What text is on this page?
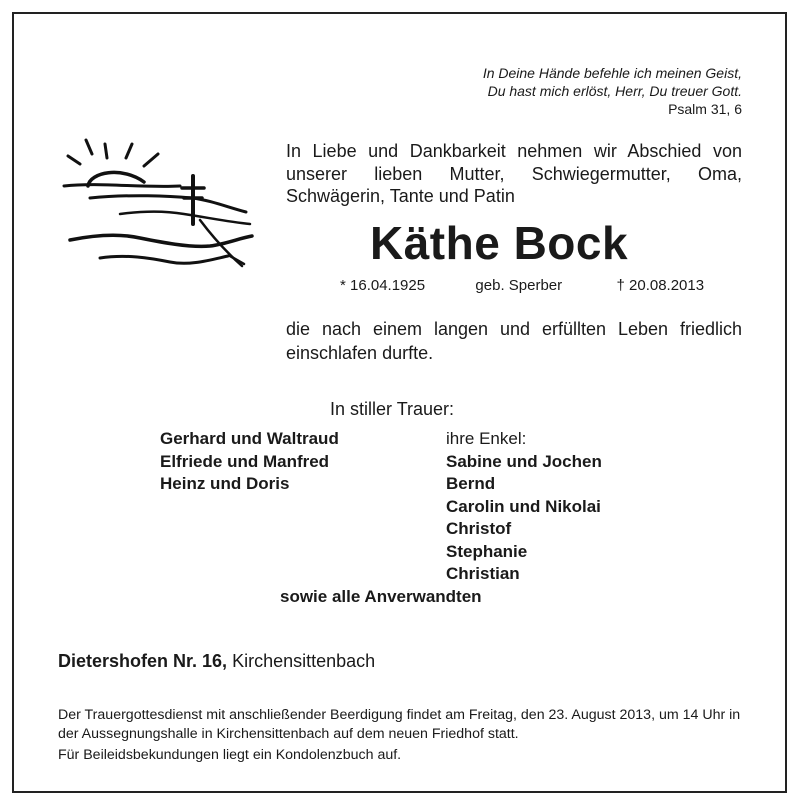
In Deine Hände befehle ich meinen Geist,
Du hast mich erlöst, Herr, Du treuer Gott.
Psalm 31, 6
In Liebe und Dankbarkeit nehmen wir Abschied von unserer lieben Mutter, Schwiegermutter, Oma, Schwägerin, Tante und Patin
Käthe Bock
* 16.04.1925	geb. Sperber	† 20.08.2013
die nach einem langen und erfüllten Leben friedlich einschlafen durfte.
In stiller Trauer:
Gerhard und Waltraud
Elfriede und Manfred
Heinz und Doris
ihre Enkel:
Sabine und Jochen
Bernd
Carolin und Nikolai
Christof
Stephanie
Christian
sowie alle Anverwandten
Dietershofen Nr. 16, Kirchensittenbach
Der Trauergottesdienst mit anschließender Beerdigung findet am Freitag, den 23. August 2013, um 14 Uhr in der Aussegnungshalle in Kirchensittenbach auf dem neuen Friedhof statt.
Für Beileidsbekundungen liegt ein Kondolenzbuch auf.
